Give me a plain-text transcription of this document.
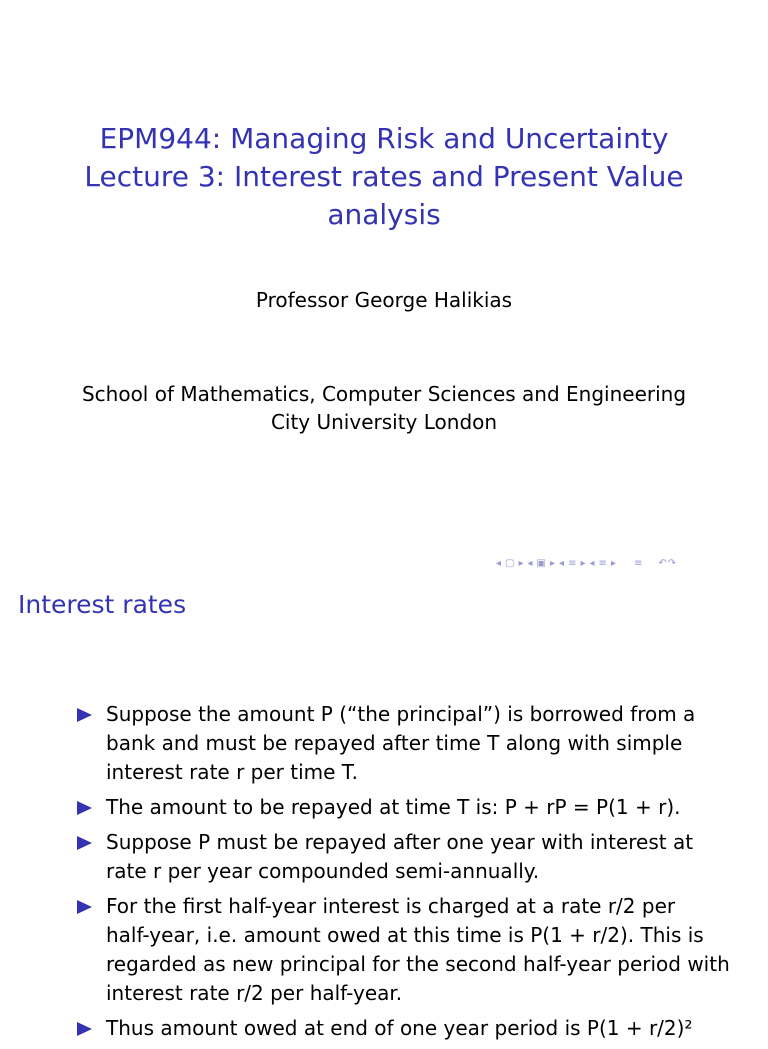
EPM944: Managing Risk and Uncertainty
Lecture 3: Interest rates and Present Value
analysis
Professor George Halikias
School of Mathematics, Computer Sciences and Engineering
City University London
◂ ▢ ▸ ◂ ▣ ▸ ◂ ≡ ▸ ◂ ≡ ▸ ≡ ↶↷
Interest rates
Suppose the amount P (“the principal”) is borrowed from a
bank and must be repayed after time T along with simple
interest rate r per time T.
The amount to be repayed at time T is: P + rP = P(1 + r).
Suppose P must be repayed after one year with interest at
rate r per year compounded semi-annually.
For the first half-year interest is charged at a rate r/2 per
half-year, i.e. amount owed at this time is P(1 + r/2). This is
regarded as new principal for the second half-year period with
interest rate r/2 per half-year.
Thus amount owed at end of one year period is P(1 + r/2)²
